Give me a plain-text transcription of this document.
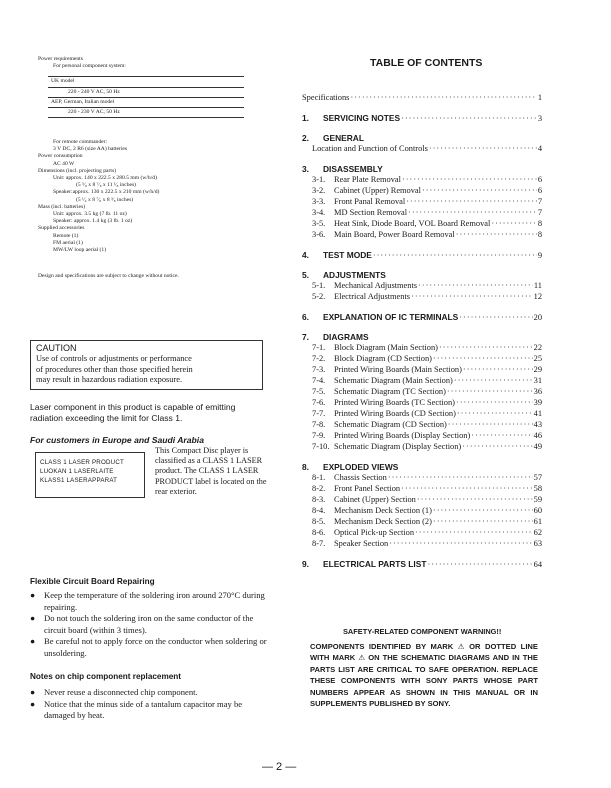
Power requirements
For personal component system:
UK model
220 - 240 V AC, 50 Hz
AEP, German, Italian model
220 - 230 V AC, 50 Hz
For remote commander:
3 V DC, 2 R6 (size AA) batteries
Power consumption
AC 40 W
Dimensions (incl. projecting parts)
Unit: approx. 140 x 222.5 x 280.5 mm (w/h/d)
(5 ⁵⁄₈ x 8 ⁷⁄₈ x 11 ¹⁄₈ inches)
Speaker:approx. 130 x 222.5 x 210 mm (w/h/d)
(5 ¹⁄₄ x 8 ⁷⁄₈ x 8 ³⁄₈ inches)
Mass (incl. batteries)
Unit: approx. 3.5 kg (7 lb. 11 oz)
Speaker: approx. 1.4 kg (3 lb. 1 oz)
Supplied accessories
Remote (1)
FM aerial (1)
MW/LW loop aerial (1)
Design and specifications are subject to change without notice.
CAUTION
Use of controls or adjustments or performance
of procedures other than those specified herein
may result in hazardous radiation exposure.
Laser component in this product is capable of emitting radiation exceeding the limit for Class 1.
For customers in Europe and Saudi Arabia
CLASS 1 LASER PRODUCT
LUOKAN 1 LASERLAITE
KLASS1 LASERAPPARAT
This Compact Disc player is classified as a CLASS 1 LASER product. The CLASS 1 LASER PRODUCT label is located on the rear exterior.
Flexible Circuit Board Repairing
●	Keep the temperature of the soldering iron around 270°C during repairing.
●	Do not touch the soldering iron on the same conductor of the circuit board (within 3 times).
●	Be careful not to apply force on the conductor when soldering or unsoldering.
Notes on chip component replacement
●	Never reuse a disconnected chip component.
●	Notice that the minus side of a tantalum capacitor may be damaged by heat.
TABLE OF CONTENTS
Specifications ·····	1
1.	SERVICING NOTES ·····	3
2.	GENERAL
Location and Function of Controls ·····	4
3.	DISASSEMBLY
3-1.	Rear Plate Removal ·····	6
3-2.	Cabinet (Upper) Removal ·····	6
3-3.	Front Panal Removal ·····	7
3-4.	MD Section Removal ·····	7
3-5.	Heat Sink, Diode Board, VOL Board Removal ·····	8
3-6.	Main Board, Power Board Removal ·····	8
4.	TEST MODE ·····	9
5.	ADJUSTMENTS
5-1.	Mechanical Adjustments ·····	11
5-2.	Electrical Adjustments ·····	12
6.	EXPLANATION OF IC TERMINALS ·····	20
7.	DIAGRAMS
7-1.	Block Diagram (Main Section) ·····	22
7-2.	Block Diagram (CD Section) ·····	25
7-3.	Printed Wiring Boards (Main Section) ·····	29
7-4.	Schematic Diagram (Main Section) ·····	31
7-5.	Schematic Diagram (TC Section) ·····	36
7-6.	Printed Wiring Boards (TC Section) ·····	39
7-7.	Printed Wiring Boards (CD Section) ·····	41
7-8.	Schematic Diagram (CD Section) ·····	43
7-9.	Printed Wiring Boards (Display Section) ·····	46
7-10. Schematic Diagram (Display Section) ·····	49
8.	EXPLODED VIEWS
8-1.	Chassis Section ·····	57
8-2.	Front Panel Section ·····	58
8-3.	Cabinet (Upper) Section ·····	59
8-4.	Mechanism Deck Section (1) ·····	60
8-5.	Mechanism Deck Section (2) ·····	61
8-6.	Optical Pick-up Section ·····	62
8-7.	Speaker Section ·····	63
9.	ELECTRICAL PARTS LIST ·····	64
SAFETY-RELATED COMPONENT WARNING!!
COMPONENTS IDENTIFIED BY MARK ⚠ OR DOTTED LINE WITH MARK ⚠ ON THE SCHEMATIC DIAGRAMS AND IN THE PARTS LIST ARE CRITICAL TO SAFE OPERATION. REPLACE THESE COMPONENTS WITH SONY PARTS WHOSE PART NUMBERS APPEAR AS SHOWN IN THIS MANUAL OR IN SUPPLEMENTS PUBLISHED BY SONY.
— 2 —
